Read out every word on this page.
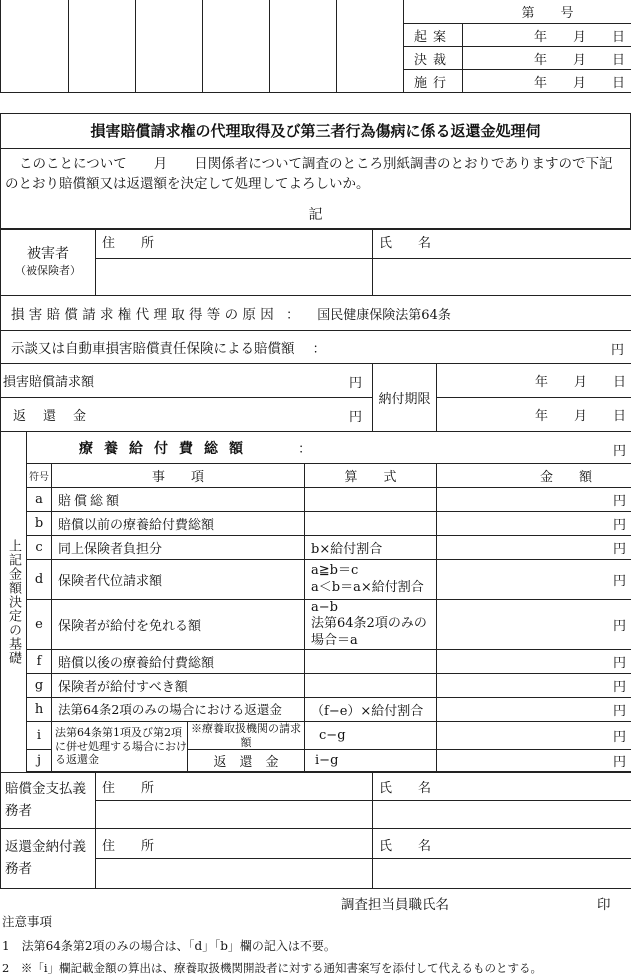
						第　　号	
						起案	年　　月　　日
						決裁	年　　月　　日
						施行	年　　月　　日
損害賠償請求権の代理取得及び第三者行為傷病に係る返還金処理伺
このことについて　　月　　日関係者について調査のところ別紙調書のとおりでありますので下記のとおり賠償額又は返還額を決定して処理してよろしいか。
記
被害者
（被保険者）			住　　所			氏　　名	

損害賠償請求権代理取得等の原因 ： 国民健康保険法第64条							
示談又は自動車損害賠償責任保険による賠償額 ： 円							

損害賠償請求額 円						納付期限	年　　月　　日
返　還　金 円							年　　月　　日

上記金額決定の基礎	療養給付費総額 ： 円						

	符号	事　　項			算　　式		金　　額
	a	賠償総額					円
	b	賠償以前の療養給付費総額					円
	c	同上保険者負担分			b×給付割合		円
	d	保険者代位請求額			a≧b＝c
a＜b＝a×給付割合		円
	e	保険者が給付を免れる額			a−b
法第64条2項のみの場合＝a		円
	f	賠償以後の療養給付費総額					円
	g	保険者が給付すべき額					円
	h	法第64条2項のみの場合における返還金			（f−e）×給付割合		円
	i	法第64条第1項及び第2項に併せ処理する場合における返還金		※療養取扱機関の請求額	c−g		円
	j			返　還　金	i−g		円

賠償金支払義務者			住　　所			氏　　名	

返還金納付義務者			住　　所			氏　　名	

調査担当員職氏名	印
注意事項
1　法第64条第2項のみの場合は、「d」「b」欄の記入は不要。
2　※「i」欄記載金額の算出は、療養取扱機関開設者に対する通知書案写を添付して代えるものとする。
